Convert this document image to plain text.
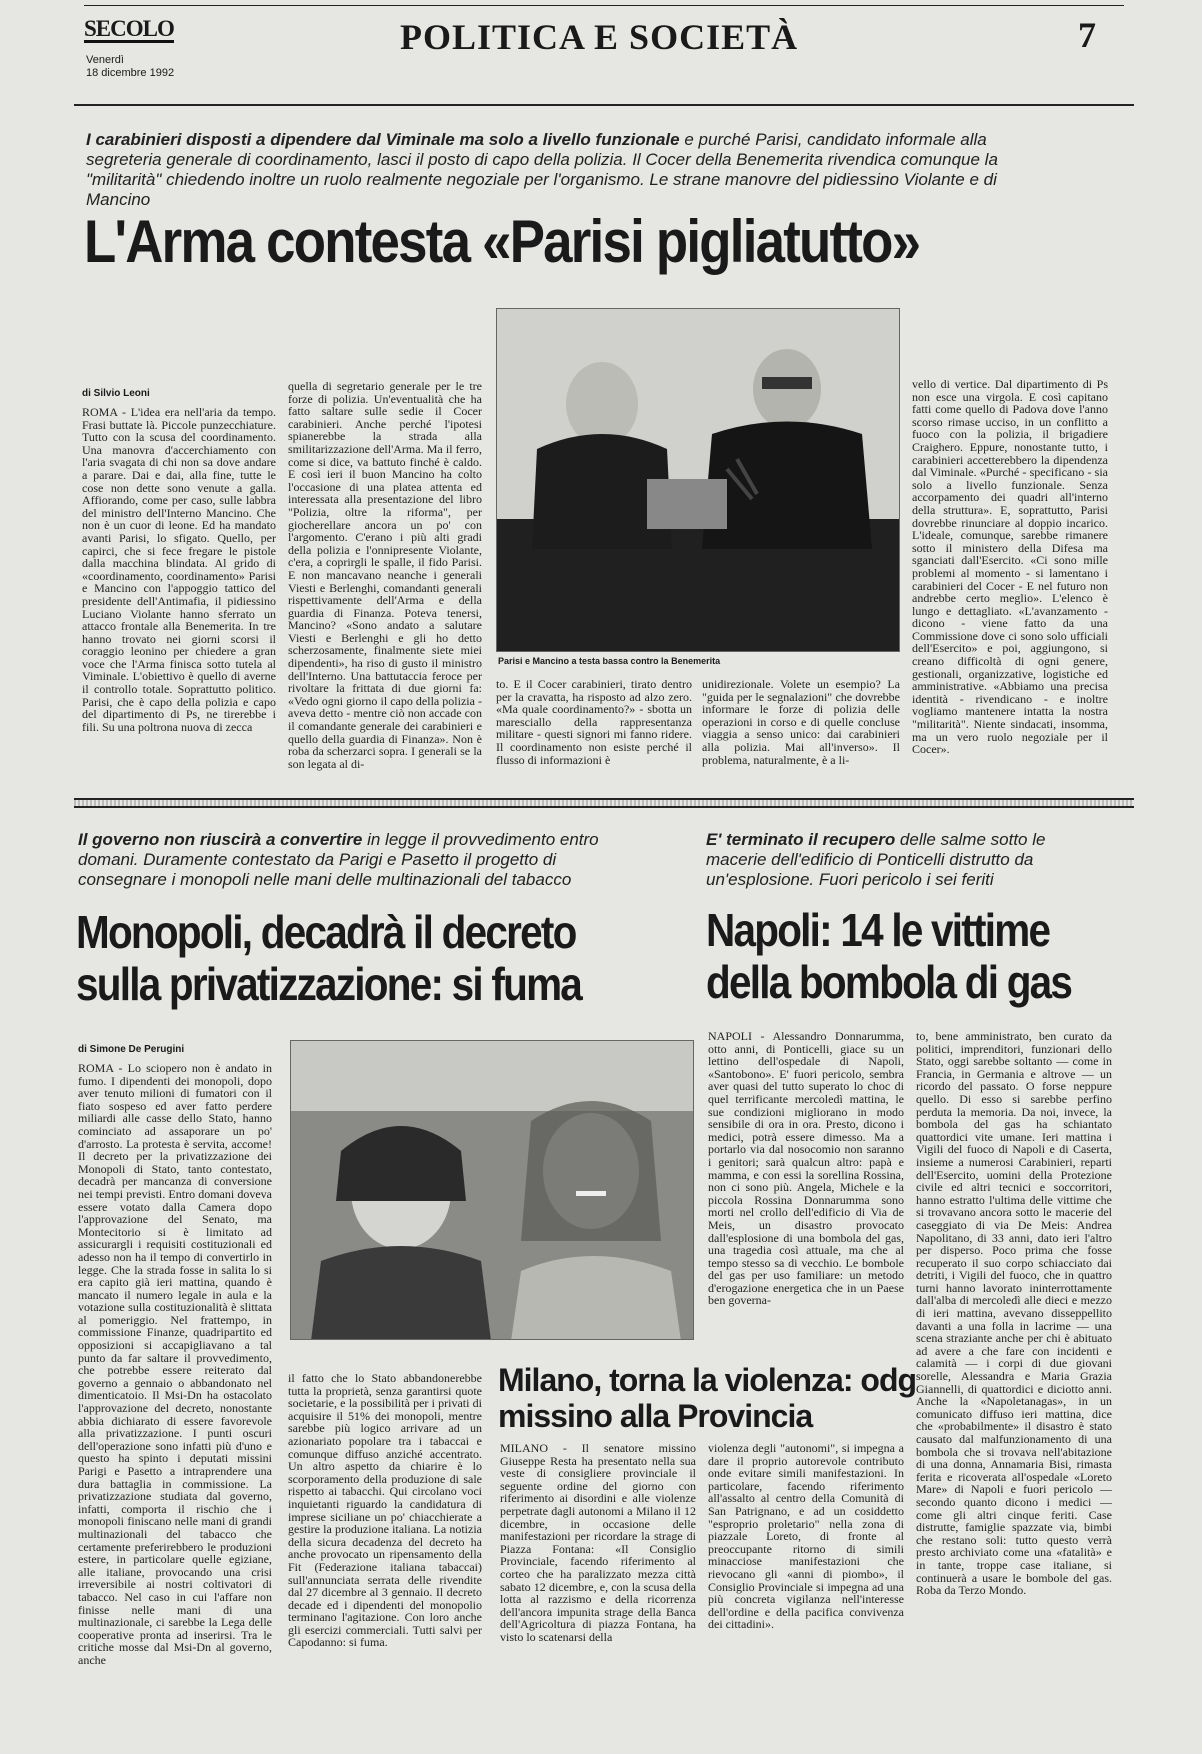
SECOLO
Venerdì
18 dicembre 1992
POLITICA E SOCIETÀ	7
I carabinieri disposti a dipendere dal Viminale ma solo a livello funzionale e purché Parisi, candidato informale alla segreteria generale di coordinamento, lasci il posto di capo della polizia. Il Cocer della Benemerita rivendica comunque la "militarità" chiedendo inoltre un ruolo realmente negoziale per l'organismo. Le strane manovre del pidiessino Violante e di Mancino
L'Arma contesta «Parisi pigliatutto»
di Silvio Leoni
ROMA - L'idea era nell'aria da tempo. Frasi buttate là. Piccole punzecchiature. Tutto con la scusa del coordinamento. Una manovra d'accerchiamento con l'aria svagata di chi non sa dove andare a parare. Dai e dai, alla fine, tutte le cose non dette sono venute a galla. Affiorando, come per caso, sulle labbra del ministro dell'Interno Mancino. Che non è un cuor di leone. Ed ha mandato avanti Parisi, lo sfigato. Quello, per capirci, che si fece fregare le pistole dalla macchina blindata. Al grido di «coordinamento, coordinamento» Parisi e Mancino con l'appoggio tattico del presidente dell'Antimafia, il pidiessino Luciano Violante hanno sferrato un attacco frontale alla Benemerita. In tre hanno trovato nei giorni scorsi il coraggio leonino per chiedere a gran voce che l'Arma finisca sotto tutela al Viminale. L'obiettivo è quello di averne il controllo totale. Soprattutto politico. Parisi, che è capo della polizia e capo del dipartimento di Ps, ne tirerebbe i fili. Su una poltrona nuova di zecca
quella di segretario generale per le tre forze di polizia. Un'eventualità che ha fatto saltare sulle sedie il Cocer carabinieri. Anche perché l'ipotesi spianerebbe la strada alla smilitarizzazione dell'Arma. Ma il ferro, come si dice, va battuto finché è caldo. E così ieri il buon Mancino ha colto l'occasione di una platea attenta ed interessata alla presentazione del libro "Polizia, oltre la riforma", per giocherellare ancora un po' con l'argomento. C'erano i più alti gradi della polizia e l'onnipresente Violante, c'era, a coprirgli le spalle, il fido Parisi. E non mancavano neanche i generali Viesti e Berlenghi, comandanti generali rispettivamente dell'Arma e della guardia di Finanza. Poteva tenersi, Mancino? «Sono andato a salutare Viesti e Berlenghi e gli ho detto scherzosamente, finalmente siete miei dipendenti», ha riso di gusto il ministro dell'Interno. Una battutaccia feroce per rivoltare la frittata di due giorni fa: «Vedo ogni giorno il capo della polizia - aveva detto - mentre ciò non accade con il comandante generale dei carabinieri e quello della guardia di Finanza». Non è roba da scherzarci sopra. I generali se la son legata al di-
Parisi e Mancino a testa bassa contro la Benemerita
to. E il Cocer carabinieri, tirato dentro per la cravatta, ha risposto ad alzo zero. «Ma quale coordinamento?» - sbotta un maresciallo della rappresentanza militare - questi signori mi fanno ridere. Il coordinamento non esiste perché il flusso di informazioni è
unidirezionale. Volete un esempio? La "guida per le segnalazioni" che dovrebbe informare le forze di polizia delle operazioni in corso e di quelle concluse viaggia a senso unico: dai carabinieri alla polizia. Mai all'inverso». Il problema, naturalmente, è a li-
vello di vertice. Dal dipartimento di Ps non esce una virgola. E così capitano fatti come quello di Padova dove l'anno scorso rimase ucciso, in un conflitto a fuoco con la polizia, il brigadiere Craighero. Eppure, nonostante tutto, i carabinieri accetterebbero la dipendenza dal Viminale. «Purché - specificano - sia solo a livello funzionale. Senza accorpamento dei quadri all'interno della struttura». E, soprattutto, Parisi dovrebbe rinunciare al doppio incarico. L'ideale, comunque, sarebbe rimanere sotto il ministero della Difesa ma sganciati dall'Esercito. «Ci sono mille problemi al momento - si lamentano i carabinieri del Cocer - E nel futuro non andrebbe certo meglio». L'elenco è lungo e dettagliato. «L'avanzamento - dicono - viene fatto da una Commissione dove ci sono solo ufficiali dell'Esercito» e poi, aggiungono, si creano difficoltà di ogni genere, gestionali, organizzative, logistiche ed amministrative. «Abbiamo una precisa identità - rivendicano - e inoltre vogliamo mantenere intatta la nostra "militarità". Niente sindacati, insomma, ma un vero ruolo negoziale per il Cocer».
Il governo non riuscirà a convertire in legge il provvedimento entro domani. Duramente contestato da Parigi e Pasetto il progetto di consegnare i monopoli nelle mani delle multinazionali del tabacco
Monopoli, decadrà il decreto sulla privatizzazione: si fuma
di Simone De Perugini
ROMA - Lo sciopero non è andato in fumo. I dipendenti dei monopoli, dopo aver tenuto milioni di fumatori con il fiato sospeso ed aver fatto perdere miliardi alle casse dello Stato, hanno cominciato ad assaporare un po' d'arrosto. La protesta è servita, accome! Il decreto per la privatizzazione dei Monopoli di Stato, tanto contestato, decadrà per mancanza di conversione nei tempi previsti. Entro domani doveva essere votato dalla Camera dopo l'approvazione del Senato, ma Montecitorio si è limitato ad assicurargli i requisiti costituzionali ed adesso non ha il tempo di convertirlo in legge. Che la strada fosse in salita lo si era capito già ieri mattina, quando è mancato il numero legale in aula e la votazione sulla costituzionalità è slittata al pomeriggio. Nel frattempo, in commissione Finanze, quadripartito ed opposizioni si accapigliavano a tal punto da far saltare il provvedimento, che potrebbe essere reiterato dal governo a gennaio o abbandonato nel dimenticatoio. Il Msi-Dn ha ostacolato l'approvazione del decreto, nonostante abbia dichiarato di essere favorevole alla privatizzazione. I punti oscuri dell'operazione sono infatti più d'uno e questo ha spinto i deputati missini Parigi e Pasetto a intraprendere una dura battaglia in commissione. La privatizzazione studiata dal governo, infatti, comporta il rischio che i monopoli finiscano nelle mani di grandi multinazionali del tabacco che certamente preferirebbero le produzioni estere, in particolare quelle egiziane, alle italiane, provocando una crisi irreversibile ai nostri coltivatori di tabacco. Nel caso in cui l'affare non finisse nelle mani di una multinazionale, ci sarebbe la Lega delle cooperative pronta ad inserirsi. Tra le critiche mosse dal Msi-Dn al governo, anche
il fatto che lo Stato abbandonerebbe tutta la proprietà, senza garantirsi quote societarie, e la possibilità per i privati di acquisire il 51% dei monopoli, mentre sarebbe più logico arrivare ad un azionariato popolare tra i tabaccai e comunque diffuso anziché accentrato. Un altro aspetto da chiarire è lo scorporamento della produzione di sale rispetto ai tabacchi. Qui circolano voci inquietanti riguardo la candidatura di imprese siciliane un po' chiacchierate a gestire la produzione italiana. La notizia della sicura decadenza del decreto ha anche provocato un ripensamento della Fit (Federazione italiana tabaccai) sull'annunciata serrata delle rivendite dal 27 dicembre al 3 gennaio. Il decreto decade ed i dipendenti del monopolio terminano l'agitazione. Con loro anche gli esercizi commerciali. Tutti salvi per Capodanno: si fuma.
E' terminato il recupero delle salme sotto le macerie dell'edificio di Ponticelli distrutto da un'esplosione. Fuori pericolo i sei feriti
Napoli: 14 le vittime della bombola di gas
NAPOLI - Alessandro Donnarumma, otto anni, di Ponticelli, giace su un lettino dell'ospedale di Napoli, «Santobono». E' fuori pericolo, sembra aver quasi del tutto superato lo choc di quel terrificante mercoledì mattina, le sue condizioni migliorano in modo sensibile di ora in ora. Presto, dicono i medici, potrà essere dimesso. Ma a portarlo via dal nosocomio non saranno i genitori; sarà qualcun altro: papà e mamma, e con essi la sorellina Rossina, non ci sono più. Angela, Michele e la piccola Rossina Donnarumma sono morti nel crollo dell'edificio di Via de Meis, un disastro provocato dall'esplosione di una bombola del gas, una tragedia così attuale, ma che al tempo stesso sa di vecchio. Le bombole del gas per uso familiare: un metodo d'erogazione energetica che in un Paese ben governa-
to, bene amministrato, ben curato da politici, imprenditori, funzionari dello Stato, oggi sarebbe soltanto — come in Francia, in Germania e altrove — un ricordo del passato. O forse neppure quello. Di esso si sarebbe perfino perduta la memoria. Da noi, invece, la bombola del gas ha schiantato quattordici vite umane. Ieri mattina i Vigili del fuoco di Napoli e di Caserta, insieme a numerosi Carabinieri, reparti dell'Esercito, uomini della Protezione civile ed altri tecnici e soccorritori, hanno estratto l'ultima delle vittime che si trovavano ancora sotto le macerie del caseggiato di via De Meis: Andrea Napolitano, di 33 anni, dato ieri l'altro per disperso. Poco prima che fosse recuperato il suo corpo schiacciato dai detriti, i Vigili del fuoco, che in quattro turni hanno lavorato ininterrottamente dall'alba di mercoledì alle dieci e mezzo di ieri mattina, avevano disseppellito davanti a una folla in lacrime — una scena straziante anche per chi è abituato ad avere a che fare con incidenti e calamità — i corpi di due giovani sorelle, Alessandra e Maria Grazia Giannelli, di quattordici e diciotto anni. Anche la «Napoletanagas», in un comunicato diffuso ieri mattina, dice che «probabilmente» il disastro è stato causato dal malfunzionamento di una bombola che si trovava nell'abitazione di una donna, Annamaria Bisi, rimasta ferita e ricoverata all'ospedale «Loreto Mare» di Napoli e fuori pericolo — secondo quanto dicono i medici — come gli altri cinque feriti. Case distrutte, famiglie spazzate via, bimbi che restano soli: tutto questo verrà presto archiviato come una «fatalità» e in tante, troppe case italiane, si continuerà a usare le bombole del gas. Roba da Terzo Mondo.
Milano, torna la violenza: odg missino alla Provincia
MILANO - Il senatore missino Giuseppe Resta ha presentato nella sua veste di consigliere provinciale il seguente ordine del giorno con riferimento ai disordini e alle violenze perpetrate dagli autonomi a Milano il 12 dicembre, in occasione delle manifestazioni per ricordare la strage di Piazza Fontana: «Il Consiglio Provinciale, facendo riferimento al corteo che ha paralizzato mezza città sabato 12 dicembre, e, con la scusa della lotta al razzismo e della ricorrenza dell'ancora impunita strage della Banca dell'Agricoltura di piazza Fontana, ha visto lo scatenarsi della
violenza degli "autonomi", si impegna a dare il proprio autorevole contributo onde evitare simili manifestazioni. In particolare, facendo riferimento all'assalto al centro della Comunità di San Patrignano, e ad un cosiddetto "esproprio proletario" nella zona di piazzale Loreto, di fronte al preoccupante ritorno di simili minacciose manifestazioni che rievocano gli «anni di piombo», il Consiglio Provinciale si impegna ad una più concreta vigilanza nell'interesse dell'ordine e della pacifica convivenza dei cittadini».
